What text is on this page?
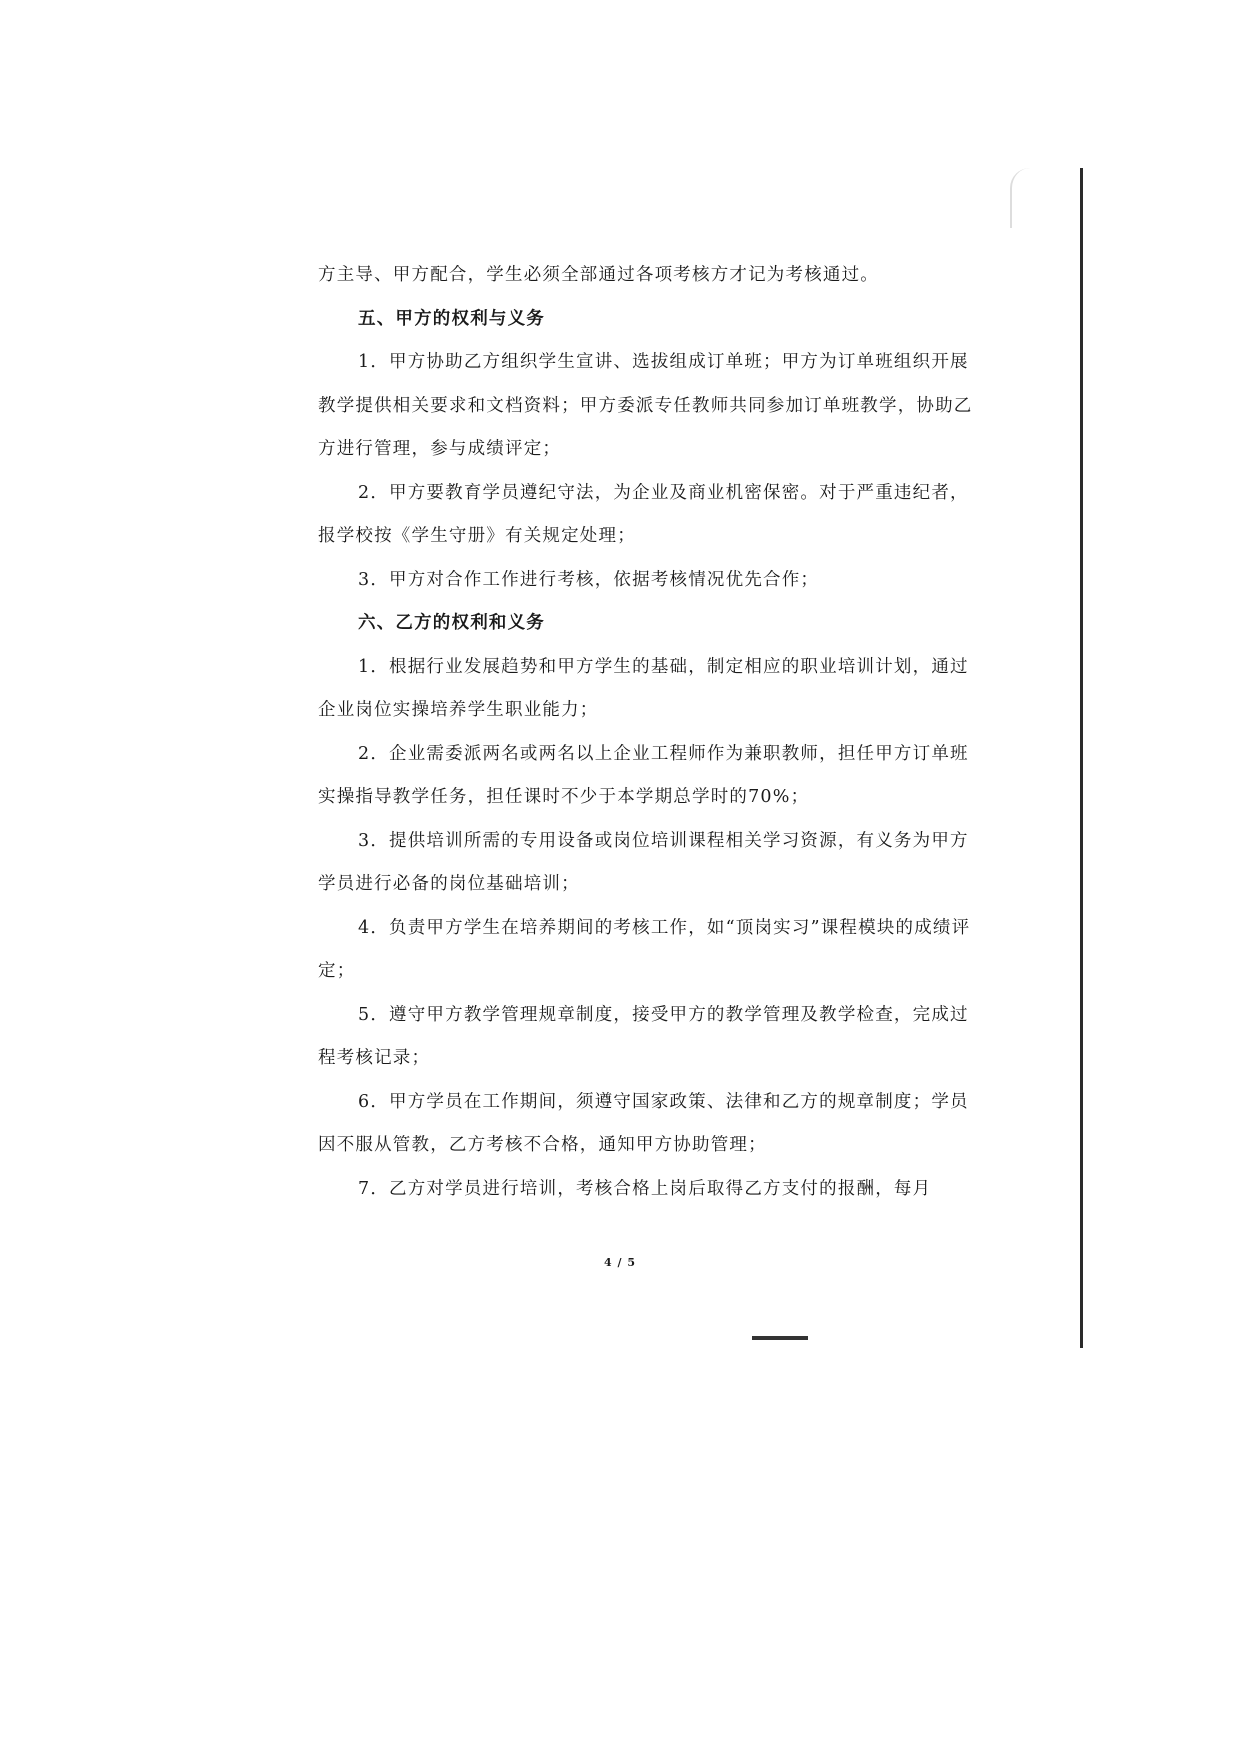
方主导、甲方配合，学生必须全部通过各项考核方才记为考核通过。

五、甲方的权利与义务

1．甲方协助乙方组织学生宣讲、选拔组成订单班；甲方为订单班组织开展教学提供相关要求和文档资料；甲方委派专任教师共同参加订单班教学，协助乙方进行管理，参与成绩评定；

2．甲方要教育学员遵纪守法，为企业及商业机密保密。对于严重违纪者，报学校按《学生守册》有关规定处理；

3．甲方对合作工作进行考核，依据考核情况优先合作；

六、乙方的权利和义务

1．根据行业发展趋势和甲方学生的基础，制定相应的职业培训计划，通过企业岗位实操培养学生职业能力；

2．企业需委派两名或两名以上企业工程师作为兼职教师，担任甲方订单班实操指导教学任务，担任课时不少于本学期总学时的70%；

3．提供培训所需的专用设备或岗位培训课程相关学习资源，有义务为甲方学员进行必备的岗位基础培训；

4．负责甲方学生在培养期间的考核工作，如“顶岗实习”课程模块的成绩评定；

5．遵守甲方教学管理规章制度，接受甲方的教学管理及教学检查，完成过程考核记录；

6．甲方学员在工作期间，须遵守国家政策、法律和乙方的规章制度；学员因不服从管教，乙方考核不合格，通知甲方协助管理；

7．乙方对学员进行培训，考核合格上岗后取得乙方支付的报酬，每月

4 / 5
